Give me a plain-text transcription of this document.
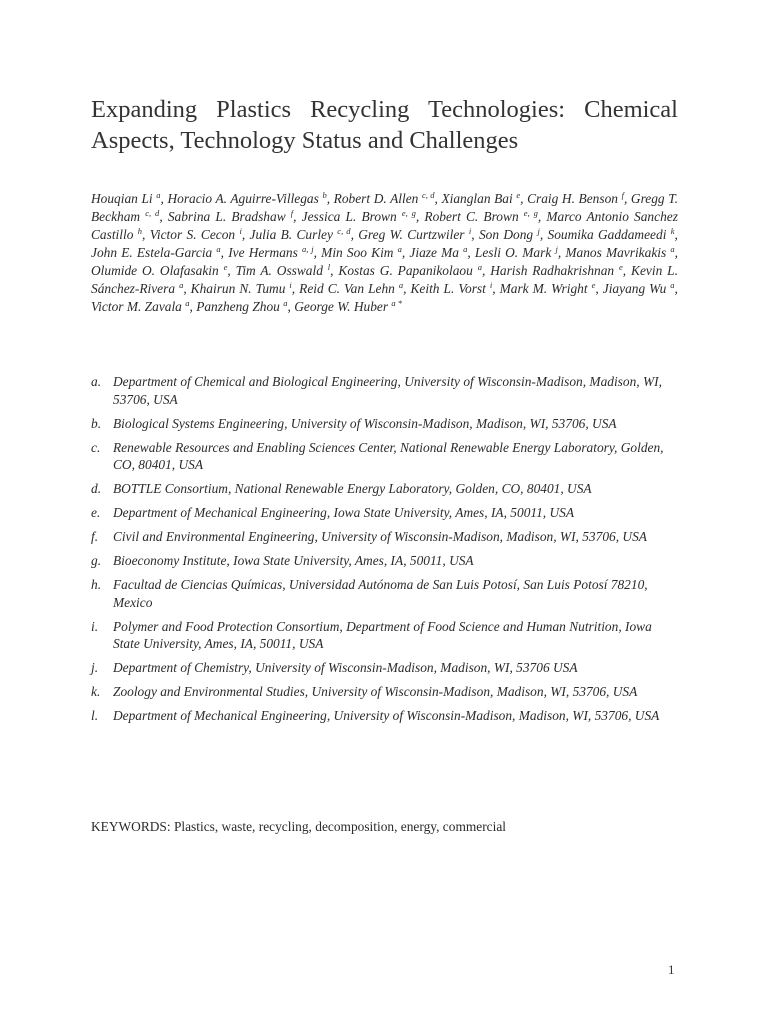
Expanding Plastics Recycling Technologies: Chemical Aspects, Technology Status and Challenges
Houqian Li $^a$, Horacio A. Aguirre-Villegas $^b$, Robert D. Allen $^{c, d}$, Xianglan Bai $^e$, Craig H. Benson $^f$, Gregg T. Beckham $^{c, d}$, Sabrina L. Bradshaw $^f$, Jessica L. Brown $^{e, g}$, Robert C. Brown $^{e, g}$, Marco Antonio Sanchez Castillo $^h$, Victor S. Cecon $^i$, Julia B. Curley $^{c, d}$, Greg W. Curtzwiler $^i$, Son Dong $^j$, Soumika Gaddameedi $^k$, John E. Estela-Garcia $^a$, Ive Hermans $^{a, j}$, Min Soo Kim $^a$, Jiaze Ma $^a$, Lesli O. Mark $^j$, Manos Mavrikakis $^a$, Olumide O. Olafasakin $^e$, Tim A. Osswald $^l$, Kostas G. Papanikolaou $^a$, Harish Radhakrishnan $^e$, Kevin L. Sánchez-Rivera $^a$, Khairun N. Tumu $^i$, Reid C. Van Lehn $^a$, Keith L. Vorst $^i$, Mark M. Wright $^e$, Jiayang Wu $^a$, Victor M. Zavala $^a$, Panzheng Zhou $^a$, George W. Huber $^{a *}$
a. Department of Chemical and Biological Engineering, University of Wisconsin-Madison, Madison, WI, 53706, USA
b. Biological Systems Engineering, University of Wisconsin-Madison, Madison, WI, 53706, USA
c. Renewable Resources and Enabling Sciences Center, National Renewable Energy Laboratory, Golden, CO, 80401, USA
d. BOTTLE Consortium, National Renewable Energy Laboratory, Golden, CO, 80401, USA
e. Department of Mechanical Engineering, Iowa State University, Ames, IA, 50011, USA
f. Civil and Environmental Engineering, University of Wisconsin-Madison, Madison, WI, 53706, USA
g. Bioeconomy Institute, Iowa State University, Ames, IA, 50011, USA
h. Facultad de Ciencias Químicas, Universidad Autónoma de San Luis Potosí, San Luis Potosí 78210, Mexico
i. Polymer and Food Protection Consortium, Department of Food Science and Human Nutrition, Iowa State University, Ames, IA, 50011, USA
j. Department of Chemistry, University of Wisconsin-Madison, Madison, WI, 53706 USA
k. Zoology and Environmental Studies, University of Wisconsin-Madison, Madison, WI, 53706, USA
l. Department of Mechanical Engineering, University of Wisconsin-Madison, Madison, WI, 53706, USA
KEYWORDS: Plastics, waste, recycling, decomposition, energy, commercial
1
